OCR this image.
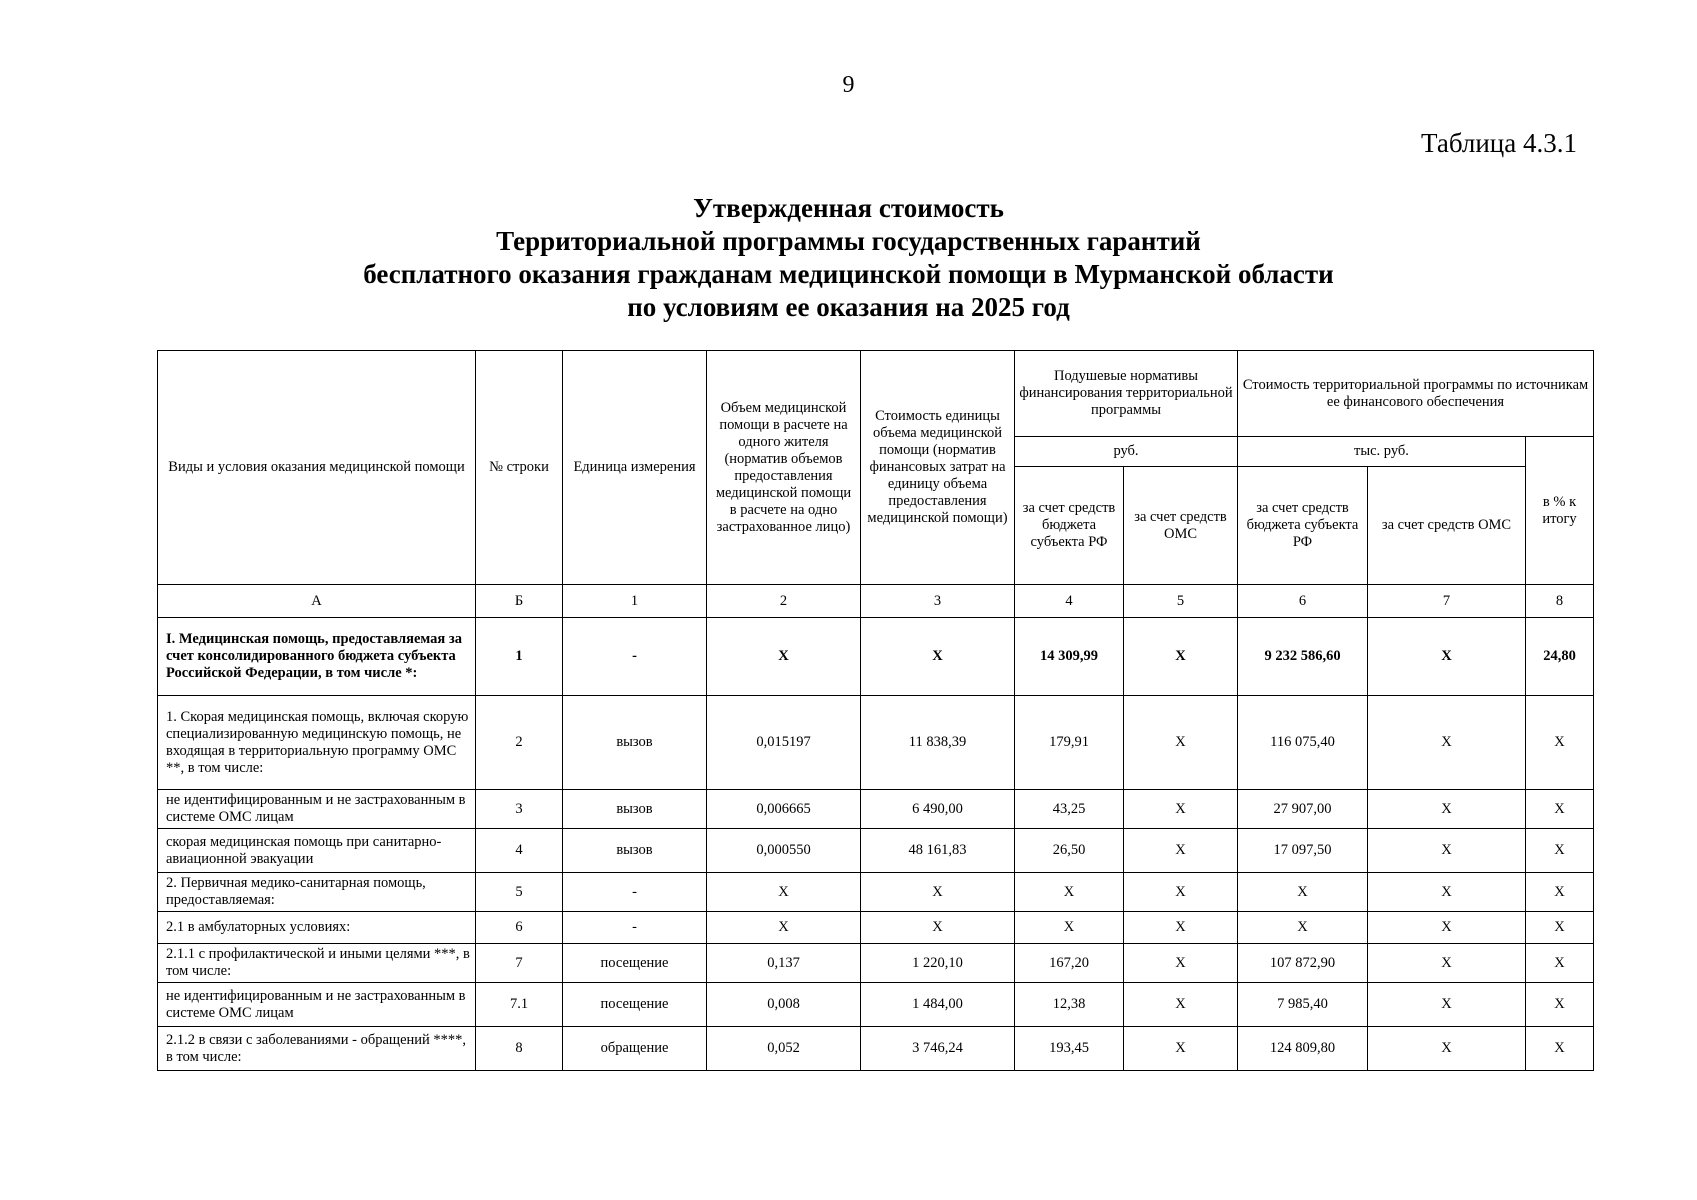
9
Таблица 4.3.1
Утвержденная стоимость
Территориальной программы государственных гарантий
бесплатного оказания гражданам медицинской помощи в Мурманской области
по условиям ее оказания на 2025 год
Виды и условия оказания медицинской помощи	№ строки	Единица измерения	Объем медицинской помощи в расчете на одного жителя (норматив объемов предоставления медицинской помощи в расчете на одно застрахованное лицо)	Стоимость единицы объема медицинской помощи (норматив финансовых затрат на единицу объема предоставления медицинской помощи)	Подушевые нормативы финансирования территориальной программы		Стоимость территориальной программы по источникам ее финансового обеспечения		
					руб.		тыс. руб.		в % к итогу
					за счет средств бюджета субъекта РФ	за счет средств ОМС	за счет средств бюджета субъекта РФ	за счет средств ОМС	
А	Б	1	2	3	4	5	6	7	8
I. Медицинская помощь, предоставляемая за счет консолидированного бюджета субъекта Российской Федерации, в том числе *:	1	-	X	X	14 309,99	X	9 232 586,60	X	24,80
1. Скорая медицинская помощь, включая скорую специализированную медицинскую помощь, не входящая в территориальную программу ОМС **, в том числе:	2	вызов	0,015197	11 838,39	179,91	X	116 075,40	X	X
не идентифицированным и не застрахованным в системе ОМС лицам	3	вызов	0,006665	6 490,00	43,25	X	27 907,00	X	X
скорая медицинская помощь при санитарно-авиационной эвакуации	4	вызов	0,000550	48 161,83	26,50	X	17 097,50	X	X
2. Первичная медико-санитарная помощь, предоставляемая:	5	-	X	X	X	X	X	X	X
2.1 в амбулаторных условиях:	6	-	X	X	X	X	X	X	X
2.1.1 с профилактической и иными целями ***, в том числе:	7	посещение	0,137	1 220,10	167,20	X	107 872,90	X	X
не идентифицированным и не застрахованным в системе ОМС лицам	7.1	посещение	0,008	1 484,00	12,38	X	7 985,40	X	X
2.1.2 в связи с заболеваниями - обращений ****, в том числе:	8	обращение	0,052	3 746,24	193,45	X	124 809,80	X	X
